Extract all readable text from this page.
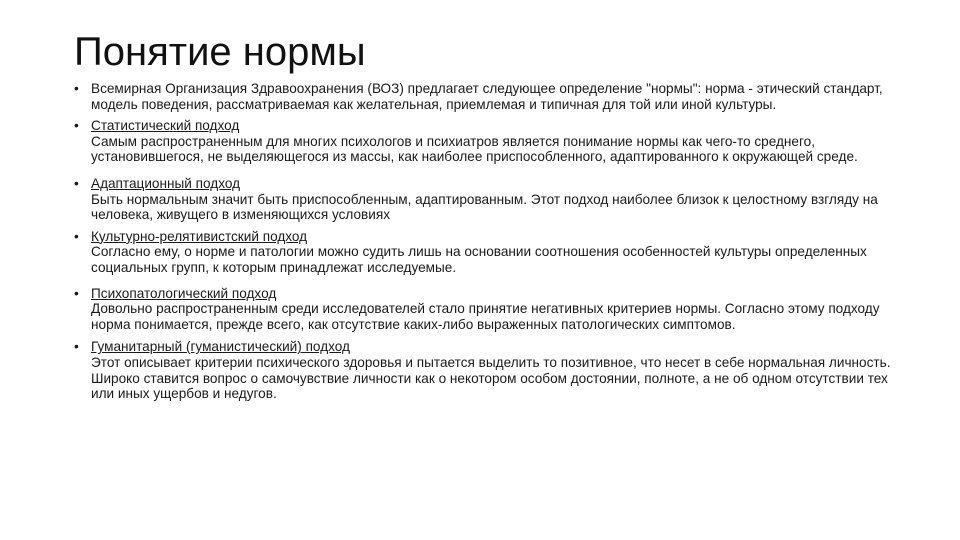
Понятие нормы
• Всемирная Организация Здравоохранения (ВОЗ) предлагает следующее определение "нормы": норма - этический стандарт, модель поведения, рассматриваемая как желательная, приемлемая и типичная для той или иной культуры.
• Статистический подход
Самым распространенным для многих психологов и психиатров является понимание нормы как чего-то среднего, установившегося, не выделяющегося из массы, как наиболее приспособленного, адаптированного к окружающей среде.
• Адаптационный подход
Быть нормальным значит быть приспособленным, адаптированным. Этот подход наиболее близок к целостному взгляду на человека, живущего в изменяющихся условиях
• Культурно-релятивистский подход
Согласно ему, о норме и патологии можно судить лишь на основании соотношения особенностей культуры определенных социальных групп, к которым принадлежат исследуемые.
• Психопатологический подход
Довольно распространенным среди исследователей стало принятие негативных критериев нормы. Согласно этому подходу норма понимается, прежде всего, как отсутствие каких-либо выраженных патологических симптомов.
• Гуманитарный (гуманистический) подход
Этот описывает критерии психического здоровья и пытается выделить то позитивное, что несет в себе нормальная личность. Широко ставится вопрос о самочувствие личности как о некотором особом достоянии, полноте, а не об одном отсутствии тех или иных ущербов и недугов.
